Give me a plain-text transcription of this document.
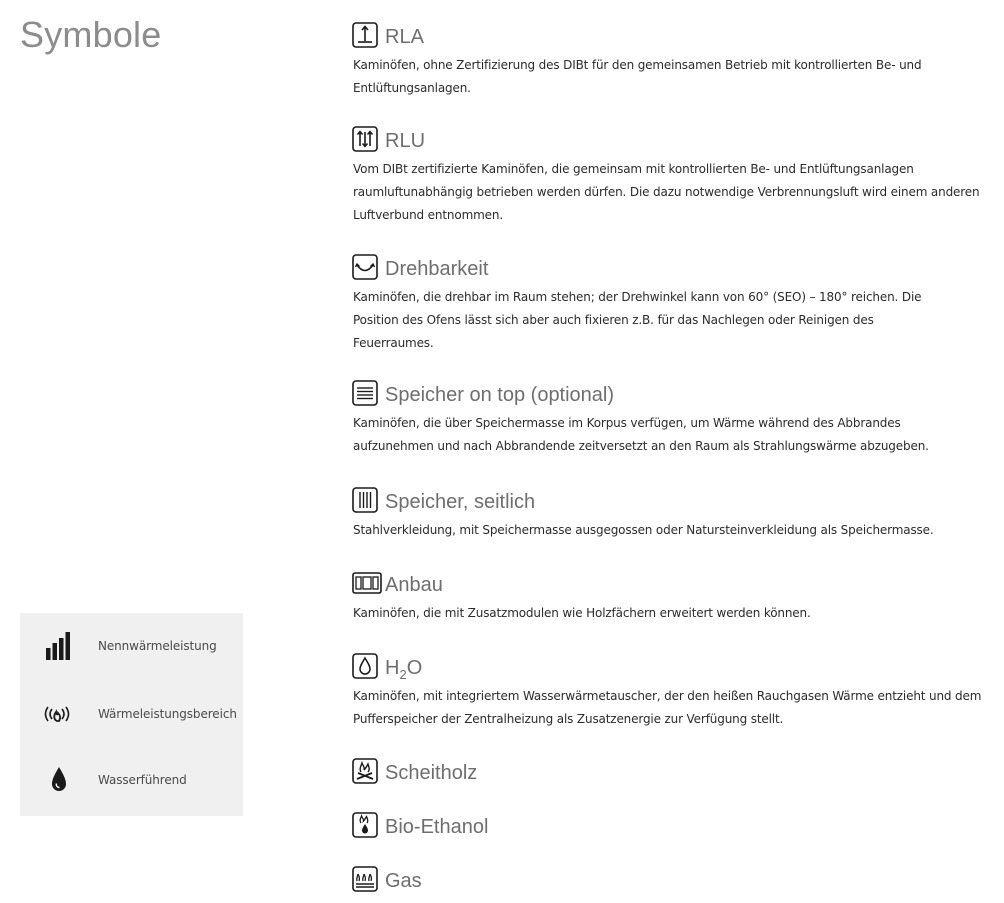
Symbole	RLA

Kaminöfen, ohne Zertifizierung des DIBt für den gemeinsamen Betrieb mit kontrollierten Be- und Entlüftungsanlagen.

RLU

Vom DIBt zertifizierte Kaminöfen, die gemeinsam mit kontrollierten Be- und Entlüftungsanlagen raumluftunabhängig betrieben werden dürfen. Die dazu notwendige Verbrennungsluft wird einem anderen Luftverbund entnommen.

Drehbarkeit

Kaminöfen, die drehbar im Raum stehen; der Drehwinkel kann von 60° (SEO) – 180° reichen. Die Position des Ofens lässt sich aber auch fixieren z.B. für das Nachlegen oder Reinigen des Feuerraumes.

Speicher on top (optional)

Kaminöfen, die über Speichermasse im Korpus verfügen, um Wärme während des Abbrandes aufzunehmen und nach Abbrandende zeitversetzt an den Raum als Strahlungswärme abzugeben.

Speicher, seitlich

Stahlverkleidung, mit Speichermasse ausgegossen oder Natursteinverkleidung als Speichermasse.

Anbau

Kaminöfen, die mit Zusatzmodulen wie Holzfächern erweitert werden können.

$H_2O$

Kaminöfen, mit integriertem Wasserwärmetauscher, der den heißen Rauchgasen Wärme entzieht und dem Pufferspeicher der Zentralheizung als Zusatzenergie zur Verfügung stellt.

Scheitholz
Bio-Ethanol
Gas
Nennwärmeleistung
Wärmeleistungsbereich
Wasserführend
